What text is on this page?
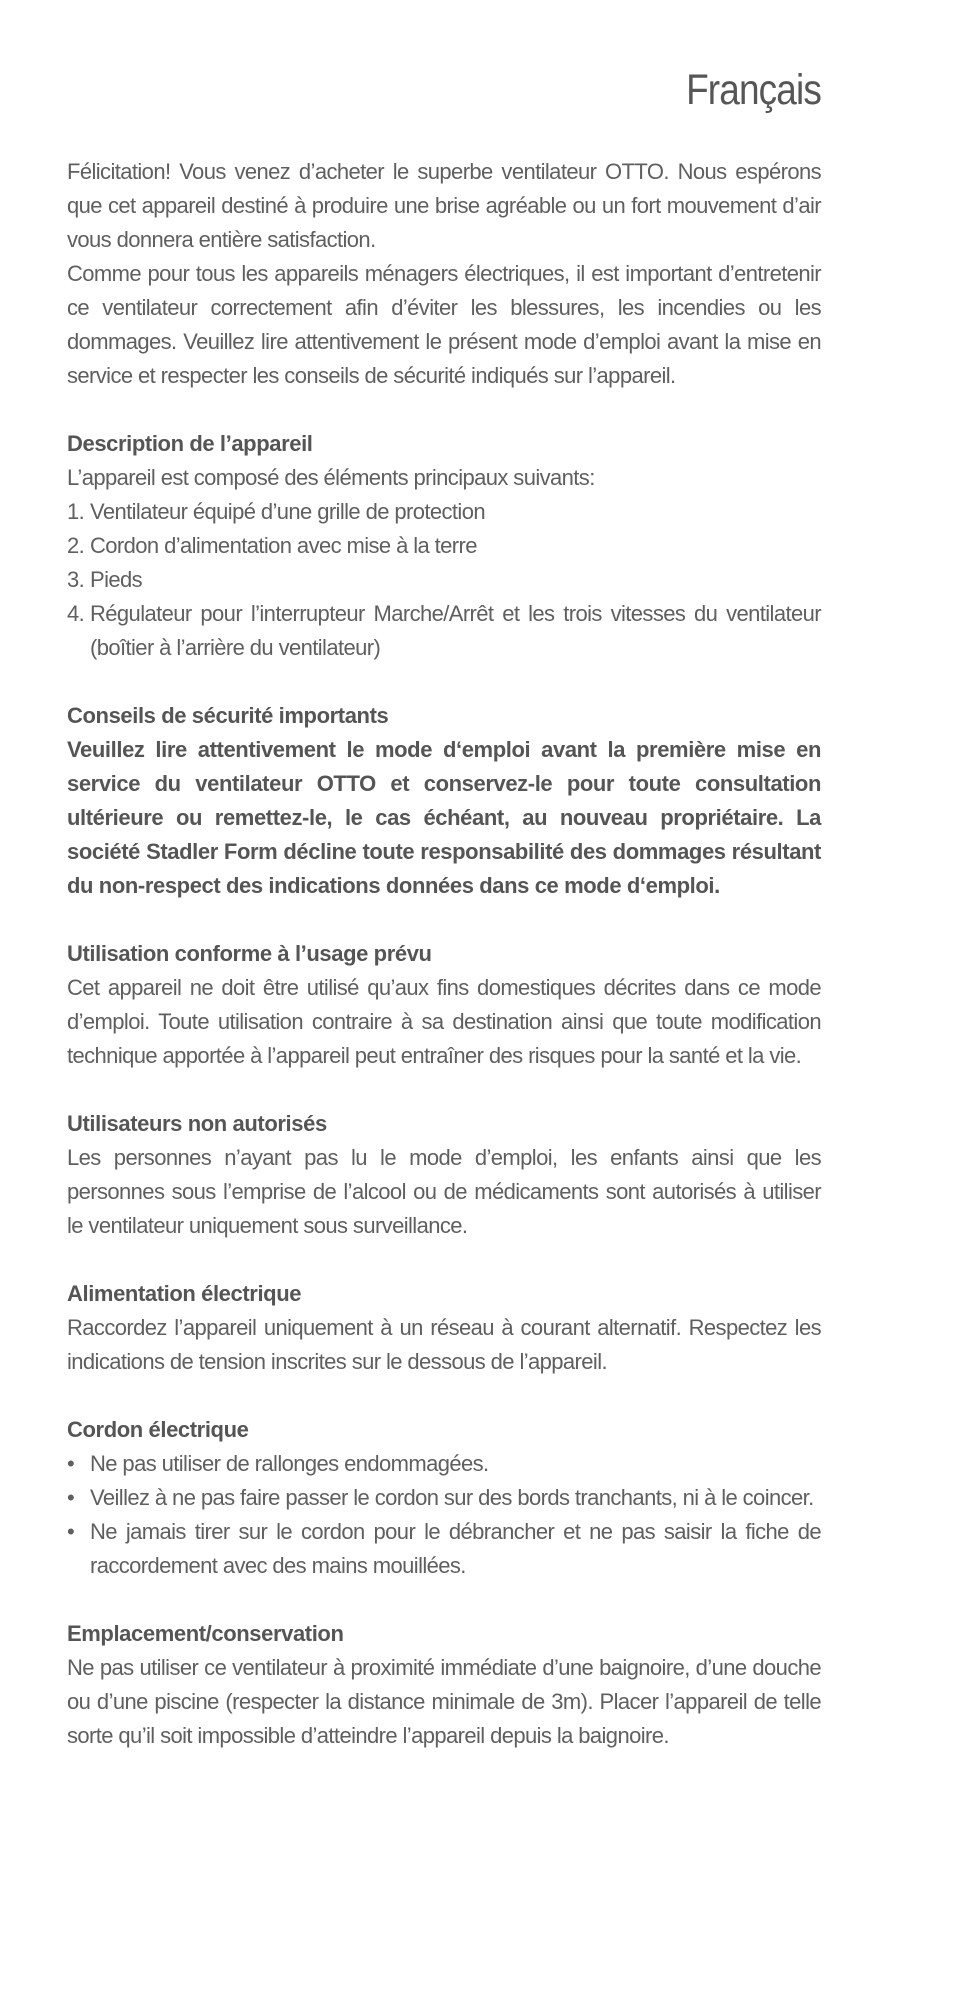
Français

Félicitation! Vous venez d’acheter le superbe ventilateur OTTO. Nous espérons que cet appareil destiné à produire une brise agréable ou un fort mouvement d’air vous donnera entière satisfaction.

Comme pour tous les appareils ménagers électriques, il est important d’entretenir ce ventilateur correctement afin d’éviter les blessures, les incendies ou les dommages. Veuillez lire attentivement le présent mode d’emploi avant la mise en service et respecter les conseils de sécurité indiqués sur l’appareil.

Description de l’appareil

L’appareil est composé des éléments principaux suivants:

1. Ventilateur équipé d’une grille de protection
2. Cordon d’alimentation avec mise à la terre
3. Pieds
4. Régulateur pour l’interrupteur Marche/Arrêt et les trois vitesses du ventilateur (boîtier à l’arrière du ventilateur)
Conseils de sécurité importants

Veuillez lire attentivement le mode d‘emploi avant la première mise en service du ventilateur OTTO et conservez-le pour toute consultation ultérieure ou remettez-le, le cas échéant, au nouveau propriétaire. La société Stadler Form décline toute responsabilité des dommages résultant du non-respect des indications données dans ce mode d‘emploi.

Utilisation conforme à l’usage prévu

Cet appareil ne doit être utilisé qu’aux fins domestiques décrites dans ce mode d’emploi. Toute utilisation contraire à sa destination ainsi que toute modification technique apportée à l’appareil peut entraîner des risques pour la santé et la vie.

Utilisateurs non autorisés

Les personnes n’ayant pas lu le mode d’emploi, les enfants ainsi que les personnes sous l’emprise de l’alcool ou de médicaments sont autorisés à utiliser le ventilateur uniquement sous surveillance.

Alimentation électrique

Raccordez l’appareil uniquement à un réseau à courant alternatif. Respectez les indications de tension inscrites sur le dessous de l’appareil.

Cordon électrique
• Ne pas utiliser de rallonges endommagées.
• Veillez à ne pas faire passer le cordon sur des bords tranchants, ni à le coincer.
• Ne jamais tirer sur le cordon pour le débrancher et ne pas saisir la fiche de raccordement avec des mains mouillées.
Emplacement/conservation

Ne pas utiliser ce ventilateur à proximité immédiate d’une baignoire, d’une douche ou d’une piscine (respecter la distance minimale de 3m). Placer l’appareil de telle sorte qu’il soit impossible d’atteindre l’appareil depuis la baignoire.
